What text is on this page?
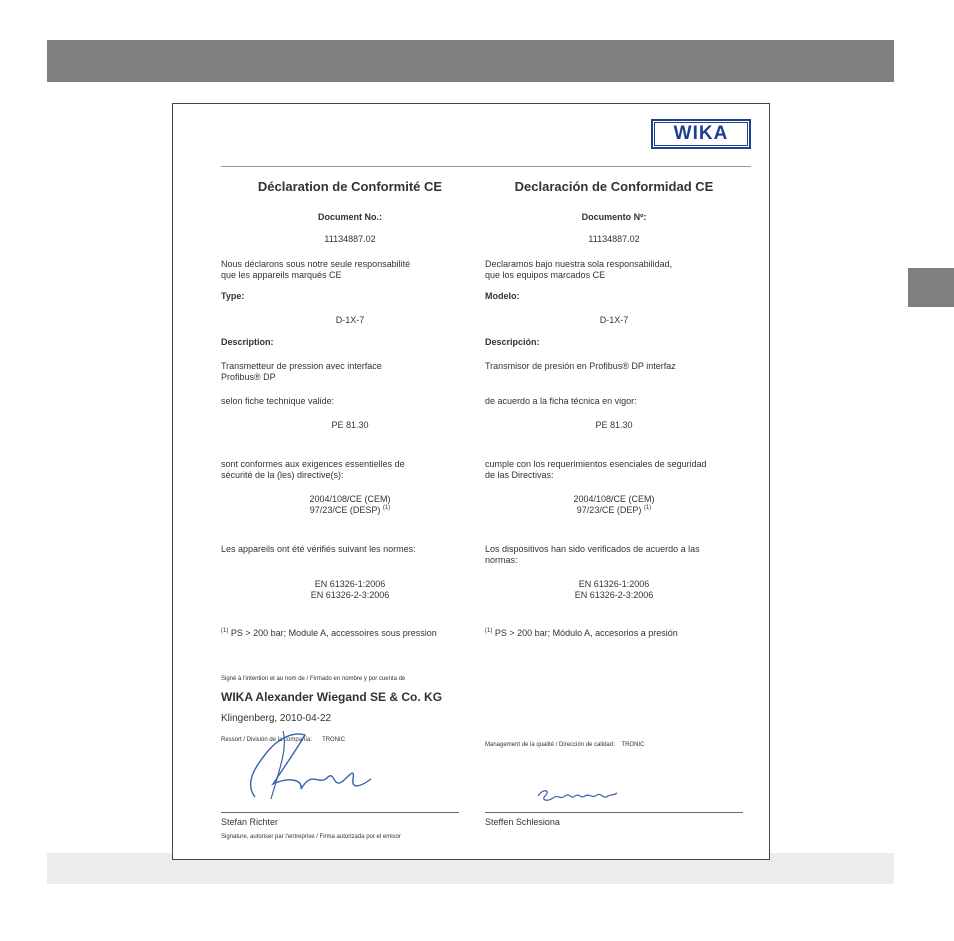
WIKA
Déclaration de Conformité CE
Document No.:
11134887.02
Nous déclarons sous notre seule responsabilité
que les appareils marqués CE
Type:
D-1X-7
Description:
Transmetteur de pression avec interface
Profibus® DP
selon fiche technique valide:
PE 81.30
sont conformes aux exigences essentielles de
sécurité de la (les) directive(s):
2004/108/CE (CEM)
97/23/CE (DESP) $^{(1)}$
Les appareils ont été vérifiés suivant les normes:
EN 61326-1:2006
EN 61326-2-3:2006
$^{(1)}$ PS > 200 bar; Module A, accessoires sous pression
Signé à l'intention et au nom de / Firmado en nombre y por cuenta de
WIKA Alexander Wiegand SE & Co. KG
Klingenberg, 2010-04-22
Ressort / División de la compañía: TRONIC
Stefan Richter
Signature, autoriser par l'entreprise / Firma autorizada por el emisor
Declaración de Conformidad CE
Documento Nº:
11134887.02
Declaramos bajo nuestra sola responsabilidad,
que los equipos marcados CE
Modelo:
D-1X-7
Descripción:
Transmisor de presión en Profibus® DP interfaz
de acuerdo a la ficha técnica en vigor:
PE 81.30
cumple con los requerimientos esenciales de seguridad
de las Directivas:
2004/108/CE (CEM)
97/23/CE (DEP) $^{(1)}$
Los dispositivos han sido verificados de acuerdo a las
normas:
EN 61326-1:2006
EN 61326-2-3:2006
$^{(1)}$ PS > 200 bar; Módulo A, accesorios a presión
Management de la qualité / Dirección de calidad: TRONIC
Steffen Schlesiona
